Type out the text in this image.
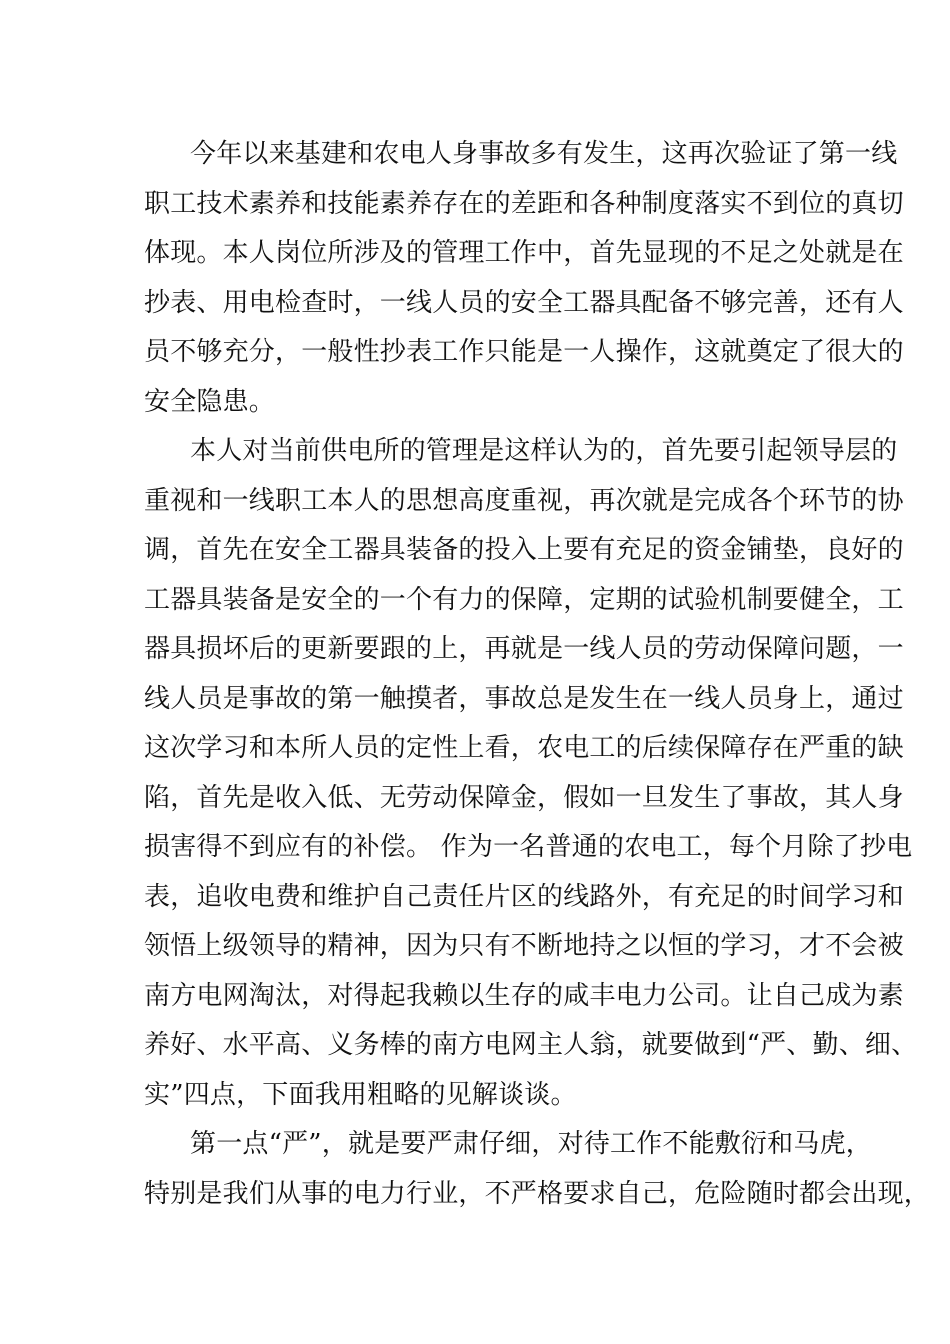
今年以来基建和农电人身事故多有发生，这再次验证了第一线
职工技术素养和技能素养存在的差距和各种制度落实不到位的真切
体现。本人岗位所涉及的管理工作中，首先显现的不足之处就是在
抄表、用电检查时，一线人员的安全工器具配备不够完善，还有人
员不够充分，一般性抄表工作只能是一人操作，这就奠定了很大的
安全隐患。
本人对当前供电所的管理是这样认为的，首先要引起领导层的
重视和一线职工本人的思想高度重视，再次就是完成各个环节的协
调，首先在安全工器具装备的投入上要有充足的资金铺垫，良好的
工器具装备是安全的一个有力的保障，定期的试验机制要健全，工
器具损坏后的更新要跟的上，再就是一线人员的劳动保障问题，一
线人员是事故的第一触摸者，事故总是发生在一线人员身上，通过
这次学习和本所人员的定性上看，农电工的后续保障存在严重的缺
陷，首先是收入低、无劳动保障金，假如一旦发生了事故，其人身
损害得不到应有的补偿。 作为一名普通的农电工，每个月除了抄电
表，追收电费和维护自己责任片区的线路外，有充足的时间学习和
领悟上级领导的精神，因为只有不断地持之以恒的学习，才不会被
南方电网淘汰，对得起我赖以生存的咸丰电力公司。让自己成为素
养好、水平高、义务棒的南方电网主人翁，就要做到“严、勤、细、
实”四点，下面我用粗略的见解谈谈。
第一点“严”，就是要严肃仔细，对待工作不能敷衍和马虎，
特别是我们从事的电力行业，不严格要求自己，危险随时都会出现，
